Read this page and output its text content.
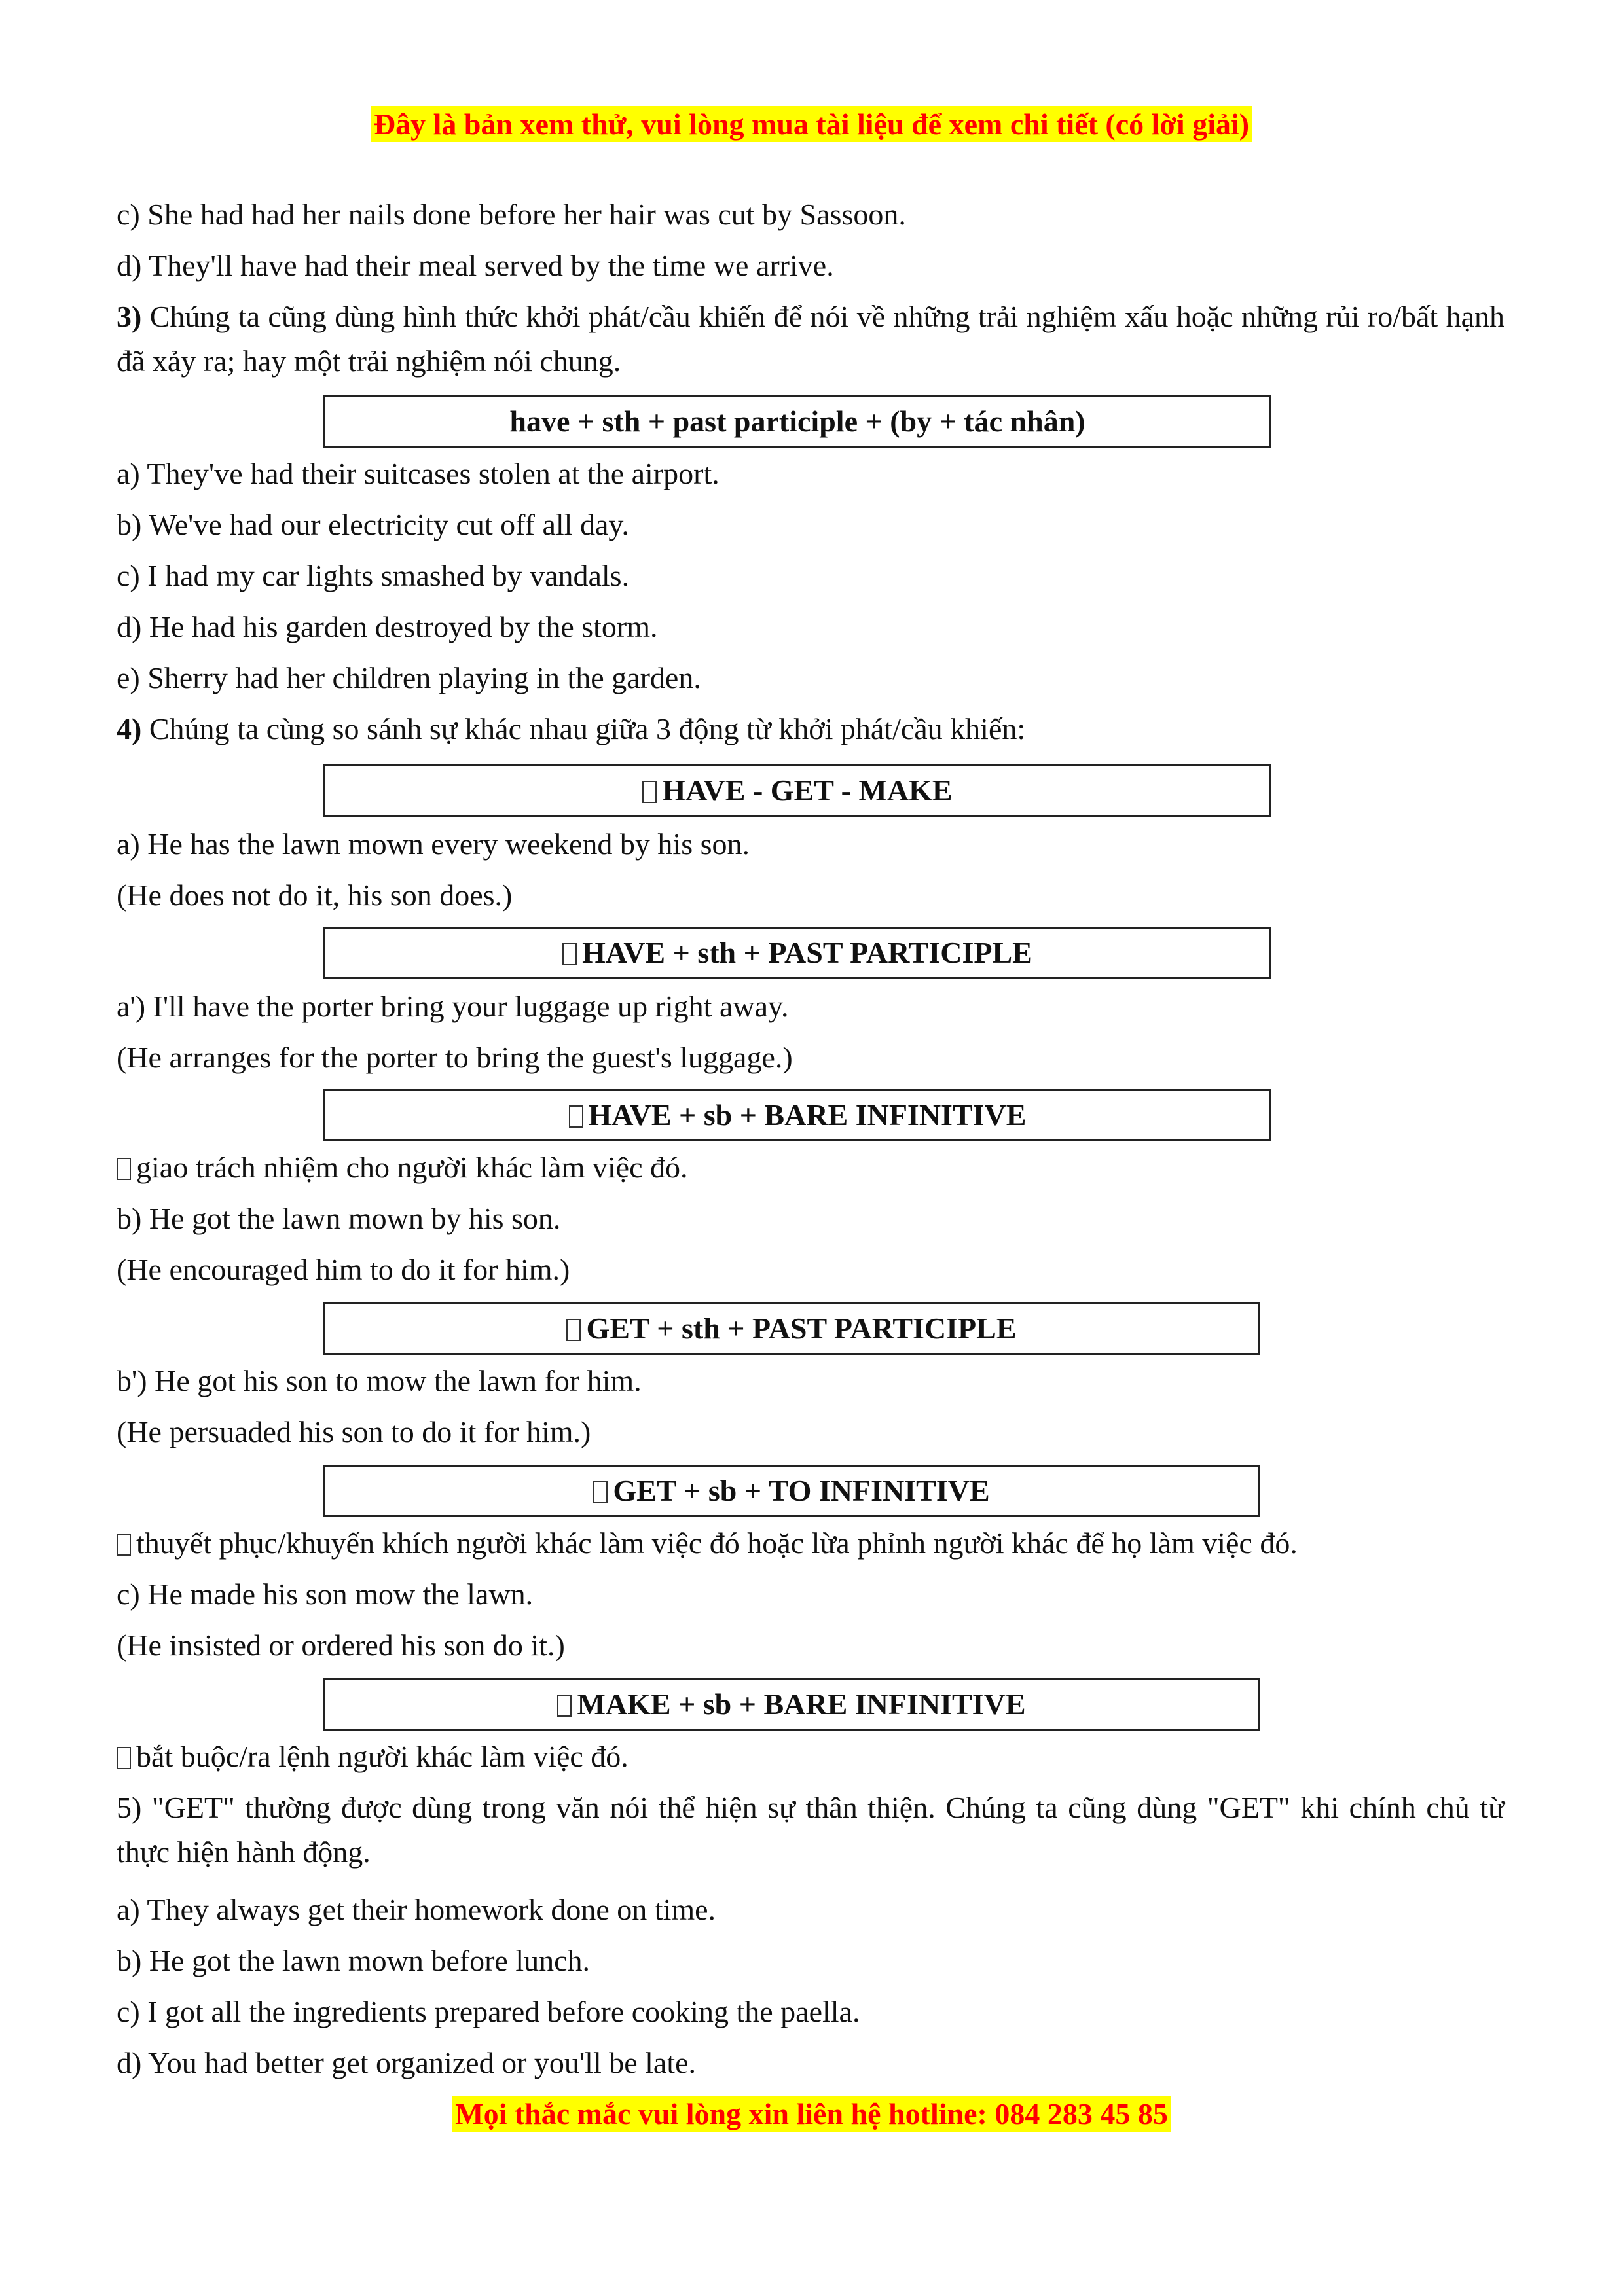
Đây là bản xem thử, vui lòng mua tài liệu để xem chi tiết (có lời giải)
c) She had had her nails done before her hair was cut by Sassoon.
d) They'll have had their meal served by the time we arrive.
3) Chúng ta cũng dùng hình thức khởi phát/cầu khiến để nói về những trải nghiệm xấu hoặc những rủi ro/bất hạnh đã xảy ra; hay một trải nghiệm nói chung.
have + sth + past participle + (by + tác nhân)
a) They've had their suitcases stolen at the airport.
b) We've had our electricity cut off all day.
c) I had my car lights smashed by vandals.
d) He had his garden destroyed by the storm.
e) Sherry had her children playing in the garden.
4) Chúng ta cùng so sánh sự khác nhau giữa 3 động từ khởi phát/cầu khiến:
HAVE - GET - MAKE
a) He has the lawn mown every weekend by his son.
(He does not do it, his son does.)
HAVE + sth + PAST PARTICIPLE
a') I'll have the porter bring your luggage up right away.
(He arranges for the porter to bring the guest's luggage.)
HAVE + sb + BARE INFINITIVE
giao trách nhiệm cho người khác làm việc đó.
b) He got the lawn mown by his son.
(He encouraged him to do it for him.)
GET + sth + PAST PARTICIPLE
b') He got his son to mow the lawn for him.
(He persuaded his son to do it for him.)
GET + sb + TO INFINITIVE
thuyết phục/khuyến khích người khác làm việc đó hoặc lừa phỉnh người khác để họ làm việc đó.
c) He made his son mow the lawn.
(He insisted or ordered his son do it.)
MAKE + sb + BARE INFINITIVE
bắt buộc/ra lệnh người khác làm việc đó.
5) "GET" thường được dùng trong văn nói thể hiện sự thân thiện. Chúng ta cũng dùng "GET" khi chính chủ từ thực hiện hành động.
a) They always get their homework done on time.
b) He got the lawn mown before lunch.
c) I got all the ingredients prepared before cooking the paella.
d) You had better get organized or you'll be late.
Mọi thắc mắc vui lòng xin liên hệ hotline: 084 283 45 85
